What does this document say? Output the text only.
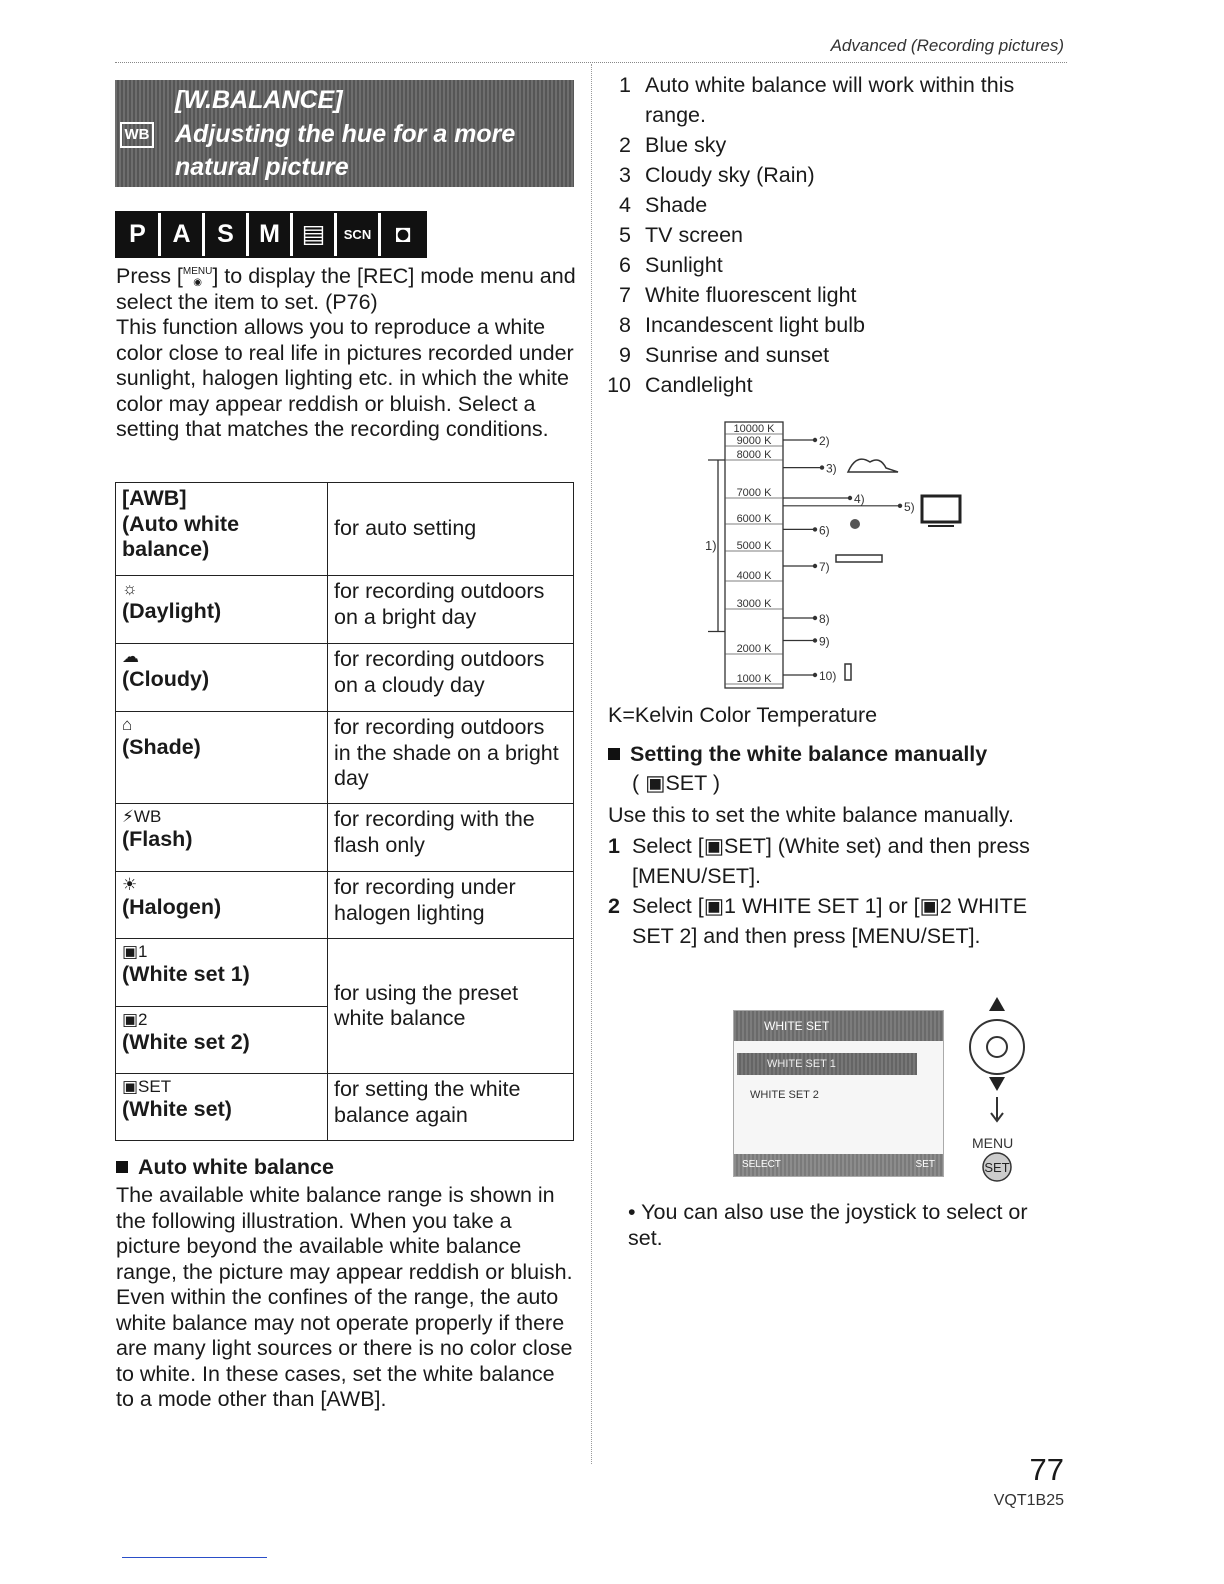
Advanced (Recording pictures)
WB
[W.BALANCE]
Adjusting the hue for a more
natural picture
P	A	S	M ▤	SCN ◘
Press [MENU
◉ ] to display the [REC] mode menu and select the item to set. (P76)
This function allows you to reproduce a white color close to real life in pictures recorded under sunlight, halogen lighting etc. in which the white color may appear reddish or bluish. Select a setting that matches the recording conditions.
[AWB]
(Auto white balance)	for auto setting

☼
(Daylight)	for recording outdoors on a bright day

☁
(Cloudy)	for recording outdoors on a cloudy day

⌂
(Shade)	for recording outdoors in the shade on a bright day

⚡WB
(Flash)	for recording with the flash only

☀
(Halogen)	for recording under halogen lighting

▣1
(White set 1)	for using the preset white balance

▣2
(White set 2)	

▣SET
(White set)	for setting the white balance again
Auto white balance
The available white balance range is shown in the following illustration. When you take a picture beyond the available white balance range, the picture may appear reddish or bluish. Even within the confines of the range, the auto white balance may not operate properly if there are many light sources or there is no color close to white. In these cases, set the white balance to a mode other than [AWB].
1 Auto white balance will work within this range.
2 Blue sky
3 Cloudy sky (Rain)
4 Shade
5 TV screen
6 Sunlight
7 White fluorescent light
8 Incandescent light bulb
9 Sunrise and sunset
10 Candlelight
10000 K
9000 K
8000 K
7000 K
6000 K
5000 K
4000 K
3000 K
2000 K
1000 K
1)
2)
3)
4)
5)
6)
7)
8)
9)
10)
K=Kelvin Color Temperature
Setting the white balance manually
( ▣SET )
Use this to set the white balance manually.
1 Select [▣SET] (White set) and then press [MENU/SET].
2 Select [▣1 WHITE SET 1] or [▣2 WHITE SET 2] and then press [MENU/SET].
WHITE SET
WHITE SET 1
WHITE SET 2
SELECT	SET	SET
MENU
• You can also use the joystick to select or set.
77
VQT1B25
